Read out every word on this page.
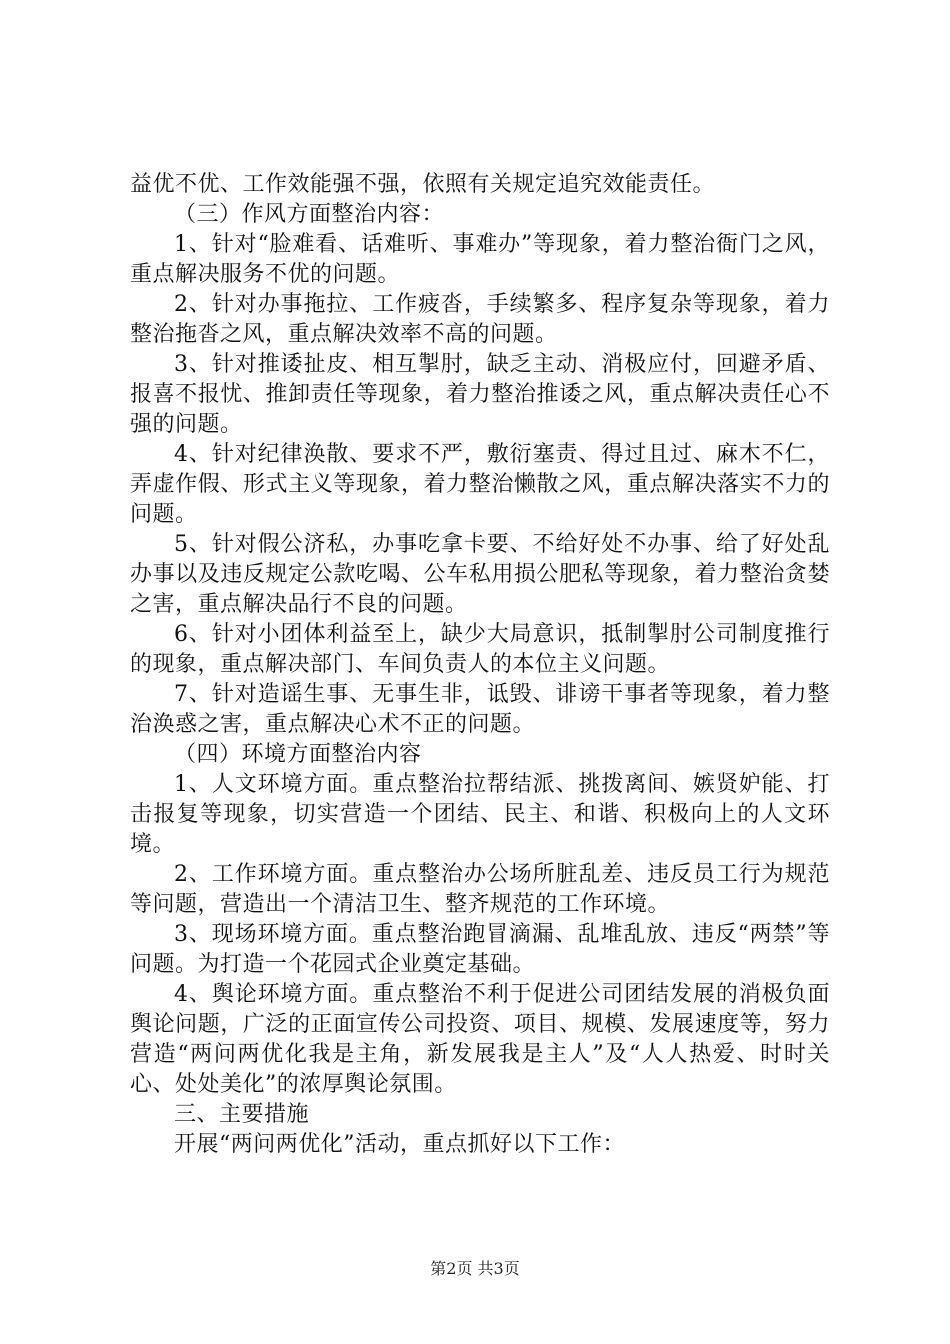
益优不优、工作效能强不强，依照有关规定追究效能责任。

（三）作风方面整治内容：

1、针对“脸难看、话难听、事难办”等现象，着力整治衙门之风，重点解决服务不优的问题。

2、针对办事拖拉、工作疲沓，手续繁多、程序复杂等现象，着力整治拖沓之风，重点解决效率不高的问题。

3、针对推诿扯皮、相互掣肘，缺乏主动、消极应付，回避矛盾、报喜不报忧、推卸责任等现象，着力整治推诿之风，重点解决责任心不强的问题。

4、针对纪律涣散、要求不严，敷衍塞责、得过且过、麻木不仁，弄虚作假、形式主义等现象，着力整治懒散之风，重点解决落实不力的问题。

5、针对假公济私，办事吃拿卡要、不给好处不办事、给了好处乱办事以及违反规定公款吃喝、公车私用损公肥私等现象，着力整治贪婪之害，重点解决品行不良的问题。

6、针对小团体利益至上，缺少大局意识，抵制掣肘公司制度推行的现象，重点解决部门、车间负责人的本位主义问题。

7、针对造谣生事、无事生非，诋毁、诽谤干事者等现象，着力整治涣惑之害，重点解决心术不正的问题。

（四）环境方面整治内容

1、人文环境方面。重点整治拉帮结派、挑拨离间、嫉贤妒能、打击报复等现象，切实营造一个团结、民主、和谐、积极向上的人文环境。

2、工作环境方面。重点整治办公场所脏乱差、违反员工行为规范等问题，营造出一个清洁卫生、整齐规范的工作环境。

3、现场环境方面。重点整治跑冒滴漏、乱堆乱放、违反“两禁”等问题。为打造一个花园式企业奠定基础。

4、舆论环境方面。重点整治不利于促进公司团结发展的消极负面舆论问题，广泛的正面宣传公司投资、项目、规模、发展速度等，努力营造“两问两优化我是主角，新发展我是主人”及“人人热爱、时时关心、处处美化”的浓厚舆论氛围。

三、主要措施

开展“两问两优化”活动，重点抓好以下工作：

第2页 共3页
